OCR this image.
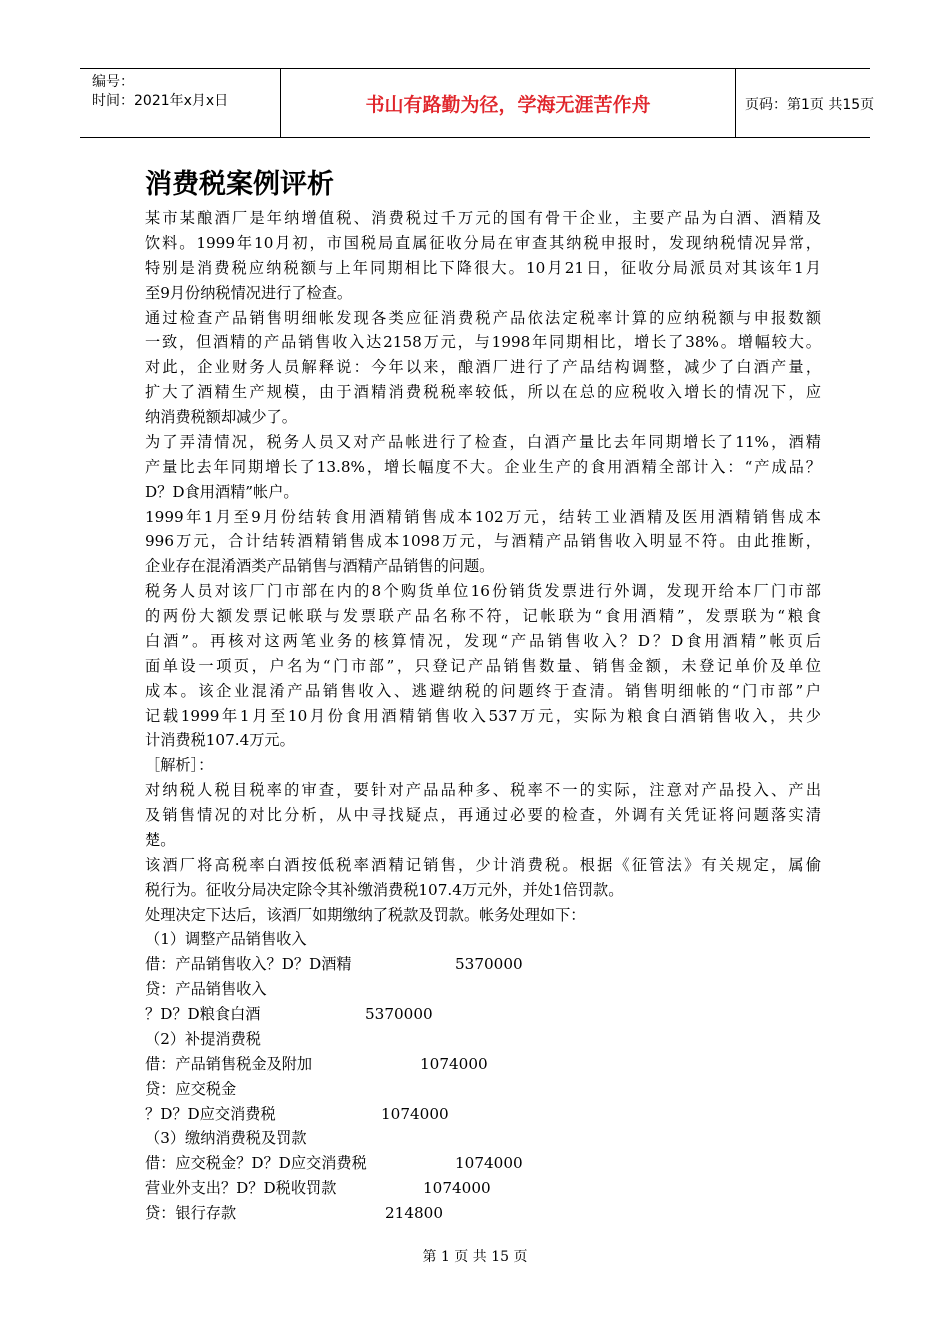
编号：
时间：2021年x月x日	书山有路勤为径，学海无涯苦作舟	页码：第1页 共15页
消费税案例评析
某市某酿酒厂是年纳增值税、消费税过千万元的国有骨干企业，主要产品为白酒、酒精及
饮料。1999年10月初，市国税局直属征收分局在审查其纳税申报时，发现纳税情况异常，
特别是消费税应纳税额与上年同期相比下降很大。10月21日，征收分局派员对其该年1月
至9月份纳税情况进行了检查。
通过检查产品销售明细帐发现各类应征消费税产品依法定税率计算的应纳税额与申报数额
一致，但酒精的产品销售收入达2158万元，与1998年同期相比，增长了38%。增幅较大。
对此，企业财务人员解释说：今年以来，酿酒厂进行了产品结构调整，减少了白酒产量，
扩大了酒精生产规模，由于酒精消费税税率较低，所以在总的应税收入增长的情况下，应
纳消费税额却减少了。
为了弄清情况，税务人员又对产品帐进行了检查，白酒产量比去年同期增长了11%，酒精
产量比去年同期增长了13.8%，增长幅度不大。企业生产的食用酒精全部计入：“产成品？
D？D食用酒精”帐户。
1999年1月至9月份结转食用酒精销售成本102万元，结转工业酒精及医用酒精销售成本
996万元，合计结转酒精销售成本1098万元，与酒精产品销售收入明显不符。由此推断，
企业存在混淆酒类产品销售与酒精产品销售的问题。
税务人员对该厂门市部在内的8个购货单位16份销货发票进行外调，发现开给本厂门市部
的两份大额发票记帐联与发票联产品名称不符，记帐联为“食用酒精”，发票联为“粮食
白酒”。再核对这两笔业务的核算情况，发现“产品销售收入？D？D食用酒精”帐页后
面单设一项页，户名为“门市部”，只登记产品销售数量、销售金额，未登记单价及单位
成本。该企业混淆产品销售收入、逃避纳税的问题终于查清。销售明细帐的“门市部”户
记载1999年1月至10月份食用酒精销售收入537万元，实际为粮食白酒销售收入，共少
计消费税107.4万元。
［解析］：
对纳税人税目税率的审查，要针对产品品种多、税率不一的实际，注意对产品投入、产出
及销售情况的对比分析，从中寻找疑点，再通过必要的检查，外调有关凭证将问题落实清
楚。
该酒厂将高税率白酒按低税率酒精记销售，少计消费税。根据《征管法》有关规定，属偷
税行为。征收分局决定除令其补缴消费税107.4万元外，并处1倍罚款。
处理决定下达后，该酒厂如期缴纳了税款及罚款。帐务处理如下：
（1）调整产品销售收入
借：产品销售收入？D？D酒精	5370000
贷：产品销售收入
？D？D粮食白酒	5370000
（2）补提消费税
借：产品销售税金及附加	1074000
贷：应交税金
？D？D应交消费税	1074000
（3）缴纳消费税及罚款
借：应交税金？D？D应交消费税	1074000
营业外支出？D？D税收罚款	1074000
贷：银行存款	214800
第 1 页 共 15 页
